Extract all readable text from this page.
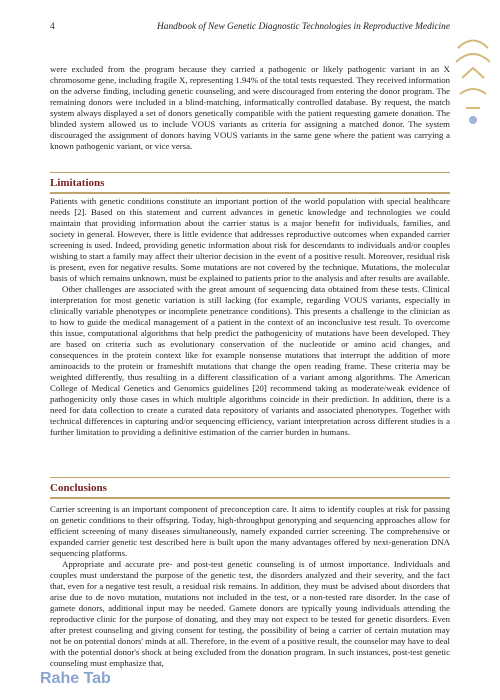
4	Handbook of New Genetic Diagnostic Technologies in Reproductive Medicine

were excluded from the program because they carried a pathogenic or likely pathogenic variant in an X chromosome gene, including fragile X, representing 1.94% of the total tests requested. They received information on the adverse finding, including genetic counseling, and were discouraged from entering the donor program. The remaining donors were included in a blind-matching, informatically controlled database. By request, the match system always displayed a set of donors genetically compatible with the patient requesting gamete donation. The blinded system allowed us to include VOUS variants as criteria for assigning a matched donor. The system discouraged the assignment of donors having VOUS variants in the same gene where the patient was carrying a known pathogenic variant, or vice versa.

Limitations

Patients with genetic conditions constitute an important portion of the world population with special healthcare needs [2]. Based on this statement and current advances in genetic knowledge and technologies we could maintain that providing information about the carrier status is a major benefit for individuals, families, and society in general. However, there is little evidence that addresses reproductive outcomes when expanded carrier screening is used. Indeed, providing genetic information about risk for descendants to individuals and/or couples wishing to start a family may affect their ulterior decision in the event of a positive result. Moreover, residual risk is present, even for negative results. Some mutations are not covered by the technique. Mutations, the molecular basis of which remains unknown, must be explained to patients prior to the analysis and after results are available.

Other challenges are associated with the great amount of sequencing data obtained from these tests. Clinical interpretation for most genetic variation is still lacking (for example, regarding VOUS variants, especially in clinically variable phenotypes or incomplete penetrance conditions). This presents a challenge to the clinician as to how to guide the medical management of a patient in the context of an inconclusive test result. To overcome this issue, computational algorithms that help predict the pathogenicity of mutations have been developed. They are based on criteria such as evolutionary conservation of the nucleotide or amino acid changes, and consequences in the protein context like for example nonsense mutations that interrupt the addition of more aminoacids to the protein or frameshift mutations that change the open reading frame. These criteria may be weighted differently, thus resulting in a different classification of a variant among algorithms. The American College of Medical Genetics and Genomics guidelines [20] recommend taking as moderate/weak evidence of pathogenicity only those cases in which multiple algorithms coincide in their prediction. In addition, there is a need for data collection to create a curated data repository of variants and associated phenotypes. Together with technical differences in capturing and/or sequencing efficiency, variant interpretation across different studies is a further limitation to providing a definitive estimation of the carrier burden in humans.

Conclusions

Carrier screening is an important component of preconception care. It aims to identify couples at risk for passing on genetic conditions to their offspring. Today, high-throughput genotyping and sequencing approaches allow for efficient screening of many diseases simultaneously, namely expanded carrier screening. The comprehensive or expanded carrier genetic test described here is built upon the many advantages offered by next-generation DNA sequencing platforms.

Appropriate and accurate pre- and post-test genetic counseling is of utmost importance. Individuals and couples must understand the purpose of the genetic test, the disorders analyzed and their severity, and the fact that, even for a negative test result, a residual risk remains. In addition, they must be advised about disorders that arise due to de novo mutation, mutations not included in the test, or a non-tested rare disorder. In the case of gamete donors, additional input may be needed. Gamete donors are typically young individuals attending the reproductive clinic for the purpose of donating, and they may not expect to be tested for genetic disorders. Even after pretest counseling and giving consent for testing, the possibility of being a carrier of certain mutation may not be on potential donors' minds at all. Therefore, in the event of a positive result, the counselor may have to deal with the potential donor's shock at being excluded from the donation program. In such instances, post-test genetic counseling must emphasize that,

Rahe Tab
